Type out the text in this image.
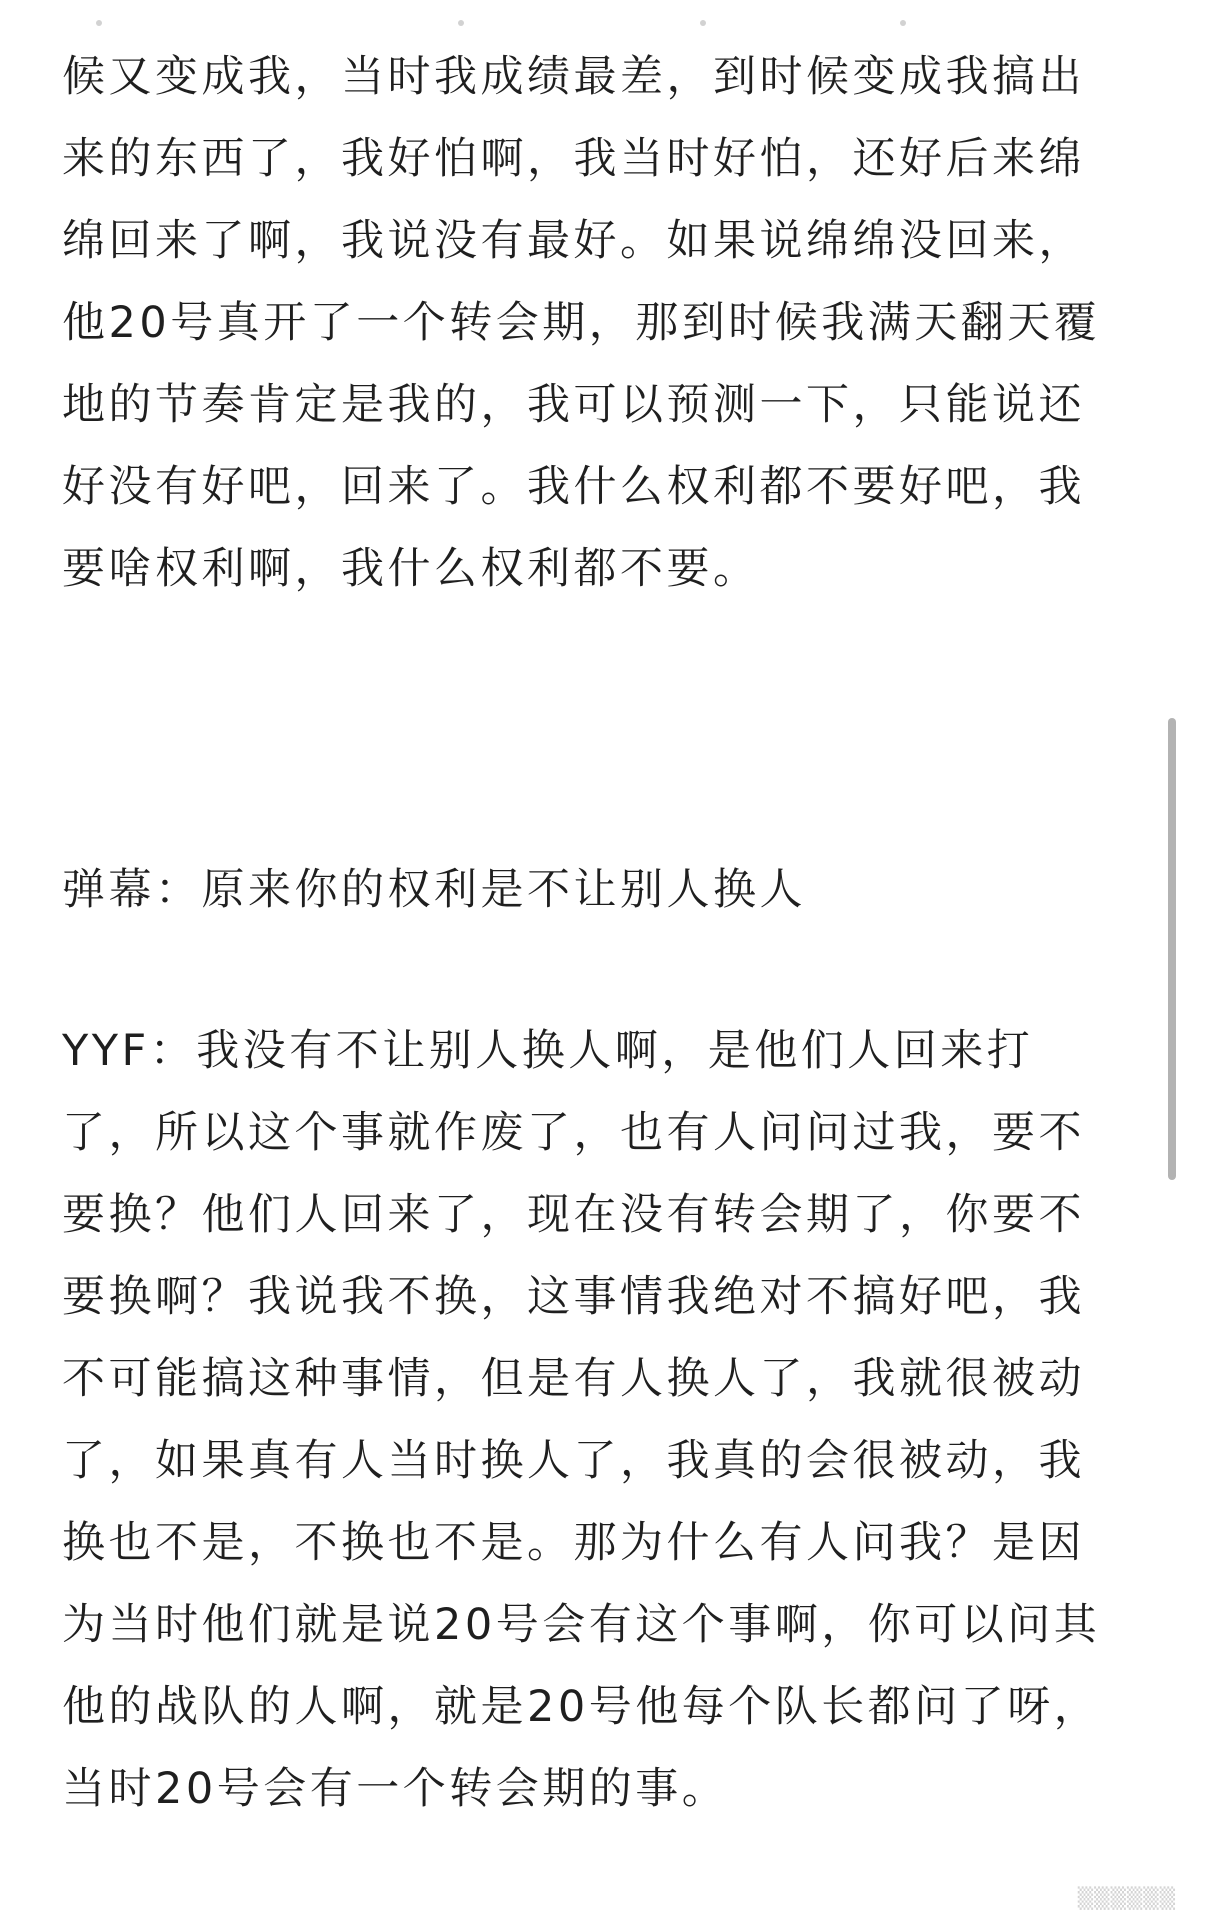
候又变成我，当时我成绩最差，到时候变成我搞出
来的东西了，我好怕啊，我当时好怕，还好后来绵
绵回来了啊，我说没有最好。如果说绵绵没回来，
他20号真开了一个转会期，那到时候我满天翻天覆
地的节奏肯定是我的，我可以预测一下，只能说还
好没有好吧，回来了。我什么权利都不要好吧，我
要啥权利啊，我什么权利都不要。
弹幕：原来你的权利是不让别人换人
YYF：我没有不让别人换人啊，是他们人回来打
了，所以这个事就作废了，也有人问问过我，要不
要换？他们人回来了，现在没有转会期了，你要不
要换啊？我说我不换，这事情我绝对不搞好吧，我
不可能搞这种事情，但是有人换人了，我就很被动
了，如果真有人当时换人了，我真的会很被动，我
换也不是，不换也不是。那为什么有人问我？是因
为当时他们就是说20号会有这个事啊，你可以问其
他的战队的人啊，就是20号他每个队长都问了呀，
当时20号会有一个转会期的事。
▒▒▒▒▒▒
